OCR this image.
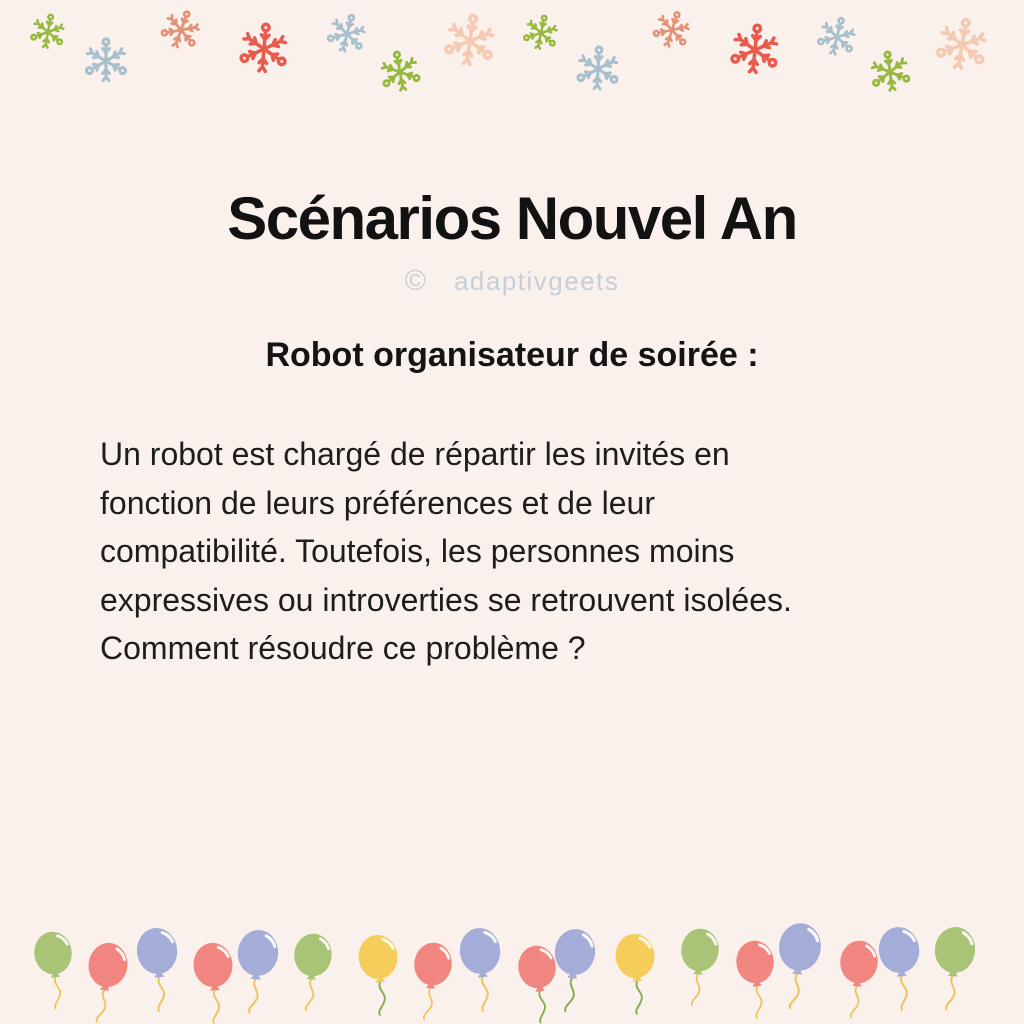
Scénarios Nouvel An
© adaptivgeets
Robot organisateur de soirée :
Un robot est chargé de répartir les invités en
fonction de leurs préférences et de leur
compatibilité. Toutefois, les personnes moins
expressives ou introverties se retrouvent isolées.
Comment résoudre ce problème ?
